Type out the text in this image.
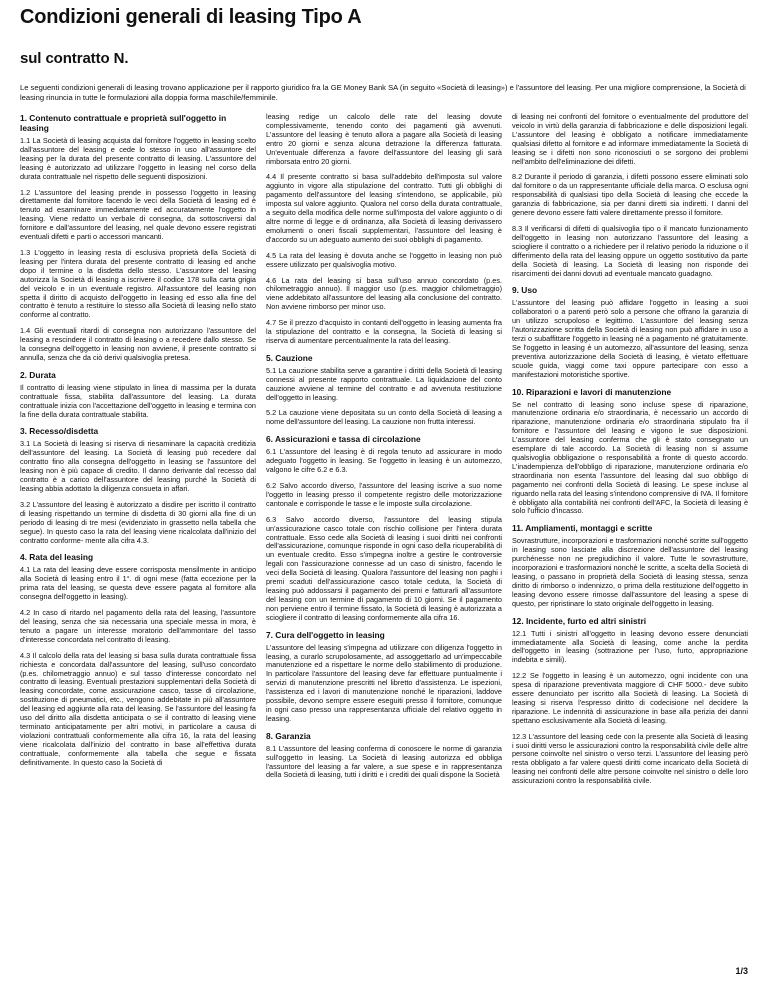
Condizioni generali di leasing Tipo A
sul contratto N.

Le seguenti condizioni generali di leasing trovano applicazione per il rapporto giuridico fra la GE Money Bank SA (in seguito «Società di leasing») e l'assuntore del leasing. Per una migliore comprensione, la Società di leasing rinuncia in tutte le formulazioni alla doppia forma maschile/femminile.

1. Contenuto contrattuale e proprietà sull'oggetto in leasing

1.1 La Società di leasing acquista dal fornitore l'oggetto in leasing scelto dall'assuntore del leasing e cede lo stesso in uso all'assuntore del leasing per la durata del presente contratto di leasing. L'assuntore del leasing è autorizzato ad utilizzare l'oggetto in leasing nel corso della durata contrattuale nel rispetto delle seguenti disposizioni.

1.2 L'assuntore del leasing prende in possesso l'oggetto in leasing direttamente dal fornitore facendo le veci della Società di leasing ed è tenuto ad esaminare immediatamente ed accuratamente l'oggetto in leasing. Viene redatto un verbale di consegna, da sottoscriversi dal fornitore e dall'assuntore del leasing, nel quale devono essere registrati eventuali difetti e parti o accessori mancanti.

1.3 L'oggetto in leasing resta di esclusiva proprietà della Società di leasing per l'intera durata del presente contratto di leasing ed anche dopo il termine o la disdetta dello stesso. L'assuntore del leasing autorizza la Società di leasing a iscrivere il codice 178 sulla carta grigia del veicolo e in un eventuale registro. All'assuntore del leasing non spetta il diritto di acquisto dell'oggetto in leasing ed esso alla fine del contratto è tenuto a restituire lo stesso alla Società di leasing nello stato conforme al contratto.

1.4 Gli eventuali ritardi di consegna non autorizzano l'assuntore del leasing a rescindere il contratto di leasing o a recedere dallo stesso. Se la consegna dell'oggetto in leasing non avviene, il presente contratto si annulla, senza che da ciò derivi qualsivoglia pretesa.

2. Durata

Il contratto di leasing viene stipulato in linea di massima per la durata contrattuale fissa, stabilita dall'assuntore del leasing. La durata contrattuale inizia con l'accettazione dell'oggetto in leasing e termina con la fine della durata contrattuale stabilita.

3. Recesso/disdetta

3.1 La Società di leasing si riserva di riesaminare la capacità creditizia dell'assuntore del leasing. La Società di leasing può recedere dal contratto fino alla consegna dell'oggetto in leasing se l'assuntore del leasing non è più capace di credito. Il danno derivante dal recesso dal contratto è a carico dell'assuntore del leasing purché la Società di leasing abbia adottato la diligenza consueta in affari.

3.2 L'assuntore del leasing è autorizzato a disdire per iscritto il contratto di leasing rispettando un termine di disdetta di 30 giorni alla fine di un periodo di leasing di tre mesi (evidenziato in grassetto nella tabella che segue). In questo caso la rata del leasing viene ricalcolata dall'inizio del contratto conforme- mente alla cifra 4.3.

4. Rata del leasing

4.1 La rata del leasing deve essere corrisposta mensilmente in anticipo alla Società di leasing entro il 1°. di ogni mese (fatta eccezione per la prima rata del leasing, se questa deve essere pagata al fornitore alla consegna dell'oggetto in leasing).

4.2 In caso di ritardo nel pagamento della rata del leasing, l'assuntore del leasing, senza che sia necessaria una speciale messa in mora, è tenuto a pagare un interesse moratorio dell'ammontare del tasso d'interesse concordata nel contratto di leasing.

4.3 Il calcolo della rata del leasing si basa sulla durata contrattuale fissa richiesta e concordata dall'assuntore del leasing, sull'uso concordato (p.es. chilometraggio annuo) e sul tasso d'interesse concordato nel contratto di leasing. Eventuali prestazioni supplementari della Società di leasing concordate, come assicurazione casco, tasse di circolazione, sostituzione di pneumatici, etc., vengono addebitate in più all'assuntore del leasing ed aggiunte alla rata del leasing. Se l'assuntore del leasing fa uso del diritto alla disdetta anticipata o se il contratto di leasing viene terminato anticipatamente per altri motivi, in particolare a causa di violazioni contrattuali conformemente alla cifra 16, la rata del leasing viene ricalcolata dall'inizio del contratto in base all'effettiva durata contrattuale, conformemente alla tabella che segue e fissata definitivamente. In questo caso la Società di

leasing redige un calcolo delle rate del leasing dovute complessivamente, tenendo conto dei pagamenti già avvenuti. L'assuntore del leasing è tenuto allora a pagare alla Società di leasing entro 20 giorni e senza alcuna detrazione la differenza fatturata. Un'eventuale differenza a favore dell'assuntore del leasing gli sarà rimborsata entro 20 giorni.

4.4 Il presente contratto si basa sull'addebito dell'imposta sul valore aggiunto in vigore alla stipulazione del contratto. Tutti gli obblighi di pagamento dell'assuntore del leasing s'intendono, se applicabile, più imposta sul valore aggiunto. Qualora nel corso della durata contrattuale, a seguito della modifica delle norme sull'imposta del valore aggiunto o di altre norme di legge e di ordinanza, alla Società di leasing derivassero emolumenti o oneri fiscali supplementari, l'assuntore del leasing è d'accordo su un adeguato aumento dei suoi obblighi di pagamento.

4.5 La rata del leasing è dovuta anche se l'oggetto in leasing non può essere utilizzato per qualsivoglia motivo.

4.6 La rata del leasing si basa sull'uso annuo concordato (p.es. chilometraggio annuo). Il maggior uso (p.es. maggior chilometraggio) viene addebitato all'assuntore del leasing alla conclusione del contratto. Non avviene rimborso per minor uso.

4.7 Se il prezzo d'acquisto in contanti dell'oggetto in leasing aumenta fra la stipulazione del contratto e la consegna, la Società di leasing si riserva di aumentare percentualmente la rata del leasing.

5. Cauzione

5.1 La cauzione stabilita serve a garantire i diritti della Società di leasing connessi al presente rapporto contrattuale. La liquidazione del conto cauzione avviene al termine del contratto e ad avvenuta restituzione dell'oggetto in leasing.

5.2 La cauzione viene depositata su un conto della Società di leasing a nome dell'assuntore del leasing. La cauzione non frutta interessi.

6. Assicurazioni e tassa di circolazione

6.1 L'assuntore del leasing è di regola tenuto ad assicurare in modo adeguato l'oggetto in leasing. Se l'oggetto in leasing è un automezzo, valgono le cifre 6.2 e 6.3.

6.2 Salvo accordo diverso, l'assuntore del leasing iscrive a suo nome l'oggetto in leasing presso il competente registro delle motorizzazione cantonale e corrisponde le tasse e le imposte sulla circolazione.

6.3 Salvo accordo diverso, l'assuntore del leasing stipula un'assicurazione casco totale con rischio collisione per l'intera durata contrattuale. Esso cede alla Società di leasing i suoi diritti nei confronti dell'assicurazione, comunque risponde in ogni caso della ricuperabilità di un eventuale credito. Esso s'impegna inoltre a gestire le controversie legali con l'assicurazione connesse ad un caso di sinistro, facendo le veci della Società di leasing. Qualora l'assuntore del leasing non paghi i premi scaduti dell'assicurazione casco totale ceduta, la Società di leasing può addossarsi il pagamento dei premi e fatturarli all'assuntore del leasing con un termine di pagamento di 10 giorni. Se il pagamento non perviene entro il termine fissato, la Società di leasing è autorizzata a sciogliere il contratto di leasing conformemente alla cifra 16.

7. Cura dell'oggetto in leasing

L'assuntore del leasing s'impegna ad utilizzare con diligenza l'oggetto in leasing, a curarlo scrupolosamente, ad assoggettarlo ad un'impeccabile manutenzione ed a rispettare le norme dello stabilimento di produzione. In particolare l'assuntore del leasing deve far effettuare puntualmente i servizi di manutenzione prescritti nel libretto d'assistenza. Le ispezioni, l'assistenza ed i lavori di manutenzione nonché le riparazioni, laddove possibile, devono sempre essere eseguiti presso il fornitore, comunque in ogni caso presso una rappresentanza ufficiale del relativo oggetto in leasing.

8. Garanzia

8.1 L'assuntore del leasing conferma di conoscere le norme di garanzia sull'oggetto in leasing. La Società di leasing autorizza ed obbliga l'assuntore del leasing a far valere, a sue spese e in rappresentanza della Società di leasing, tutti i diritti e i crediti dei quali dispone la Società

di leasing nei confronti del fornitore o eventualmente del produttore del veicolo in virtù della garanzia di fabbricazione e delle disposizioni legali. L'assuntore del leasing è obbligato a notificare immediatamente qualsiasi difetto al fornitore e ad informare immediatamente la Società di leasing se i difetti non sono riconosciuti o se sorgono dei problemi nell'ambito dell'eliminazione dei difetti.

8.2 Durante il periodo di garanzia, i difetti possono essere eliminati solo dal fornitore o da un rappresentante ufficiale della marca. O esclusa ogni responsabilità di qualsiasi tipo della Società di leasing che eccede la garanzia di fabbricazione, sia per danni diretti sia indiretti. I danni del genere devono essere fatti valere direttamente presso il fornitore.

8.3 Il verificarsi di difetti di qualsivoglia tipo o il mancato funzionamento dell'oggetto in leasing non autorizzano l'assuntore del leasing a sciogliere il contratto o a richiedere per il relativo periodo la riduzione o il differimento della rata del leasing oppure un oggetto sostitutivo da parte della Società di leasing. La Società di leasing non risponde dei risarcimenti dei danni dovuti ad eventuale mancato guadagno.

9. Uso

L'assuntore del leasing può affidare l'oggetto in leasing a suoi collaboratori o a parenti però solo a persone che offrano la garanzia di un utilizzo scrupoloso e legittimo. L'assuntore del leasing senza l'autorizzazione scritta della Società di leasing non può affidare in uso a terzi o subaffittare l'oggetto in leasing né a pagamento né gratuitamente. Se l'oggetto in leasing è un automezzo, all'assuntore del leasing, senza preventiva autorizzazione della Società di leasing, è vietato effettuare scuole guida, viaggi come taxi oppure partecipare con esso a manifestazioni motoristiche sportive.

10. Riparazioni e lavori di manutenzione

Se nel contratto di leasing sono incluse spese di riparazione, manutenzione ordinaria e/o straordinaria, è necessario un accordo di riparazione, manutenzione ordinaria e/o straordinaria stipulato fra il fornitore e l'assuntore del leasing e vigono le sue disposizioni. L'assuntore del leasing conferma che gli è stato consegnato un esemplare di tale accordo. La Società di leasing non si assume qualsivoglia obbligazione o responsabilità a fronte di questo accordo. L'inadempienza dell'obbligo di riparazione, manutenzione ordinaria e/o straordinaria non esenta l'assuntore del leasing dal suo obbligo di pagamento nei confronti della Società di leasing. Le spese incluse al riguardo nella rata del leasing s'intendono comprensive di IVA. Il fornitore è obbligato alla contabilità nei confronti dell'AFC, la Società di leasing è solo l'ufficio d'incasso.

11. Ampliamenti, montaggi e scritte

Sovrastrutture, incorporazioni e trasformazioni nonché scritte sull'oggetto in leasing sono lasciate alla discrezione dell'assuntore del leasing purchénesse non ne pregiudichino il valore. Tutte le sovrastrutture, incorporazioni e trasformazioni nonchè le scritte, a scelta della Società di leasing, o passano in proprietà della Società di leasing stessa, senza diritto di rimborso o indennizzo, o prima della restituzione dell'oggetto in leasing devono essere rimosse dall'assuntore del leasing a spese di questo, per ripristinare lo stato originale dell'oggetto in leasing.

12. Incidente, furto ed altri sinistri

12.1 Tutti i sinistri all'oggetto in leasing devono essere denunciati immediatamente alla Società di leasing, come anche la perdita dell'oggetto in leasing (sottrazione per l'uso, furto, appropriazione indebita e simili).

12.2 Se l'oggetto in leasing è un automezzo, ogni incidente con una spesa di riparazione preventivata maggiore di CHF 5000.- deve subito essere denunciato per iscritto alla Società di leasing. La Società di leasing si riserva l'espresso diritto di codecisione nel decidere la riparazione. Le indennità di assicurazione in base alla perizia dei danni spettano esclusivamente alla Società di leasing.

12.3 L'assuntore del leasing cede con la presente alla Società di leasing i suoi diritti verso le assicurazioni contro la responsabilità civile delle altre persone coinvolte nel sinistro o verso terzi. L'assuntore del leasing però resta obbligato a far valere questi diritti come incaricato della Società di leasing nei confronti delle altre persone coinvolte nel sinistro o delle loro assicurazioni contro la responsabilità civile.

1/3
